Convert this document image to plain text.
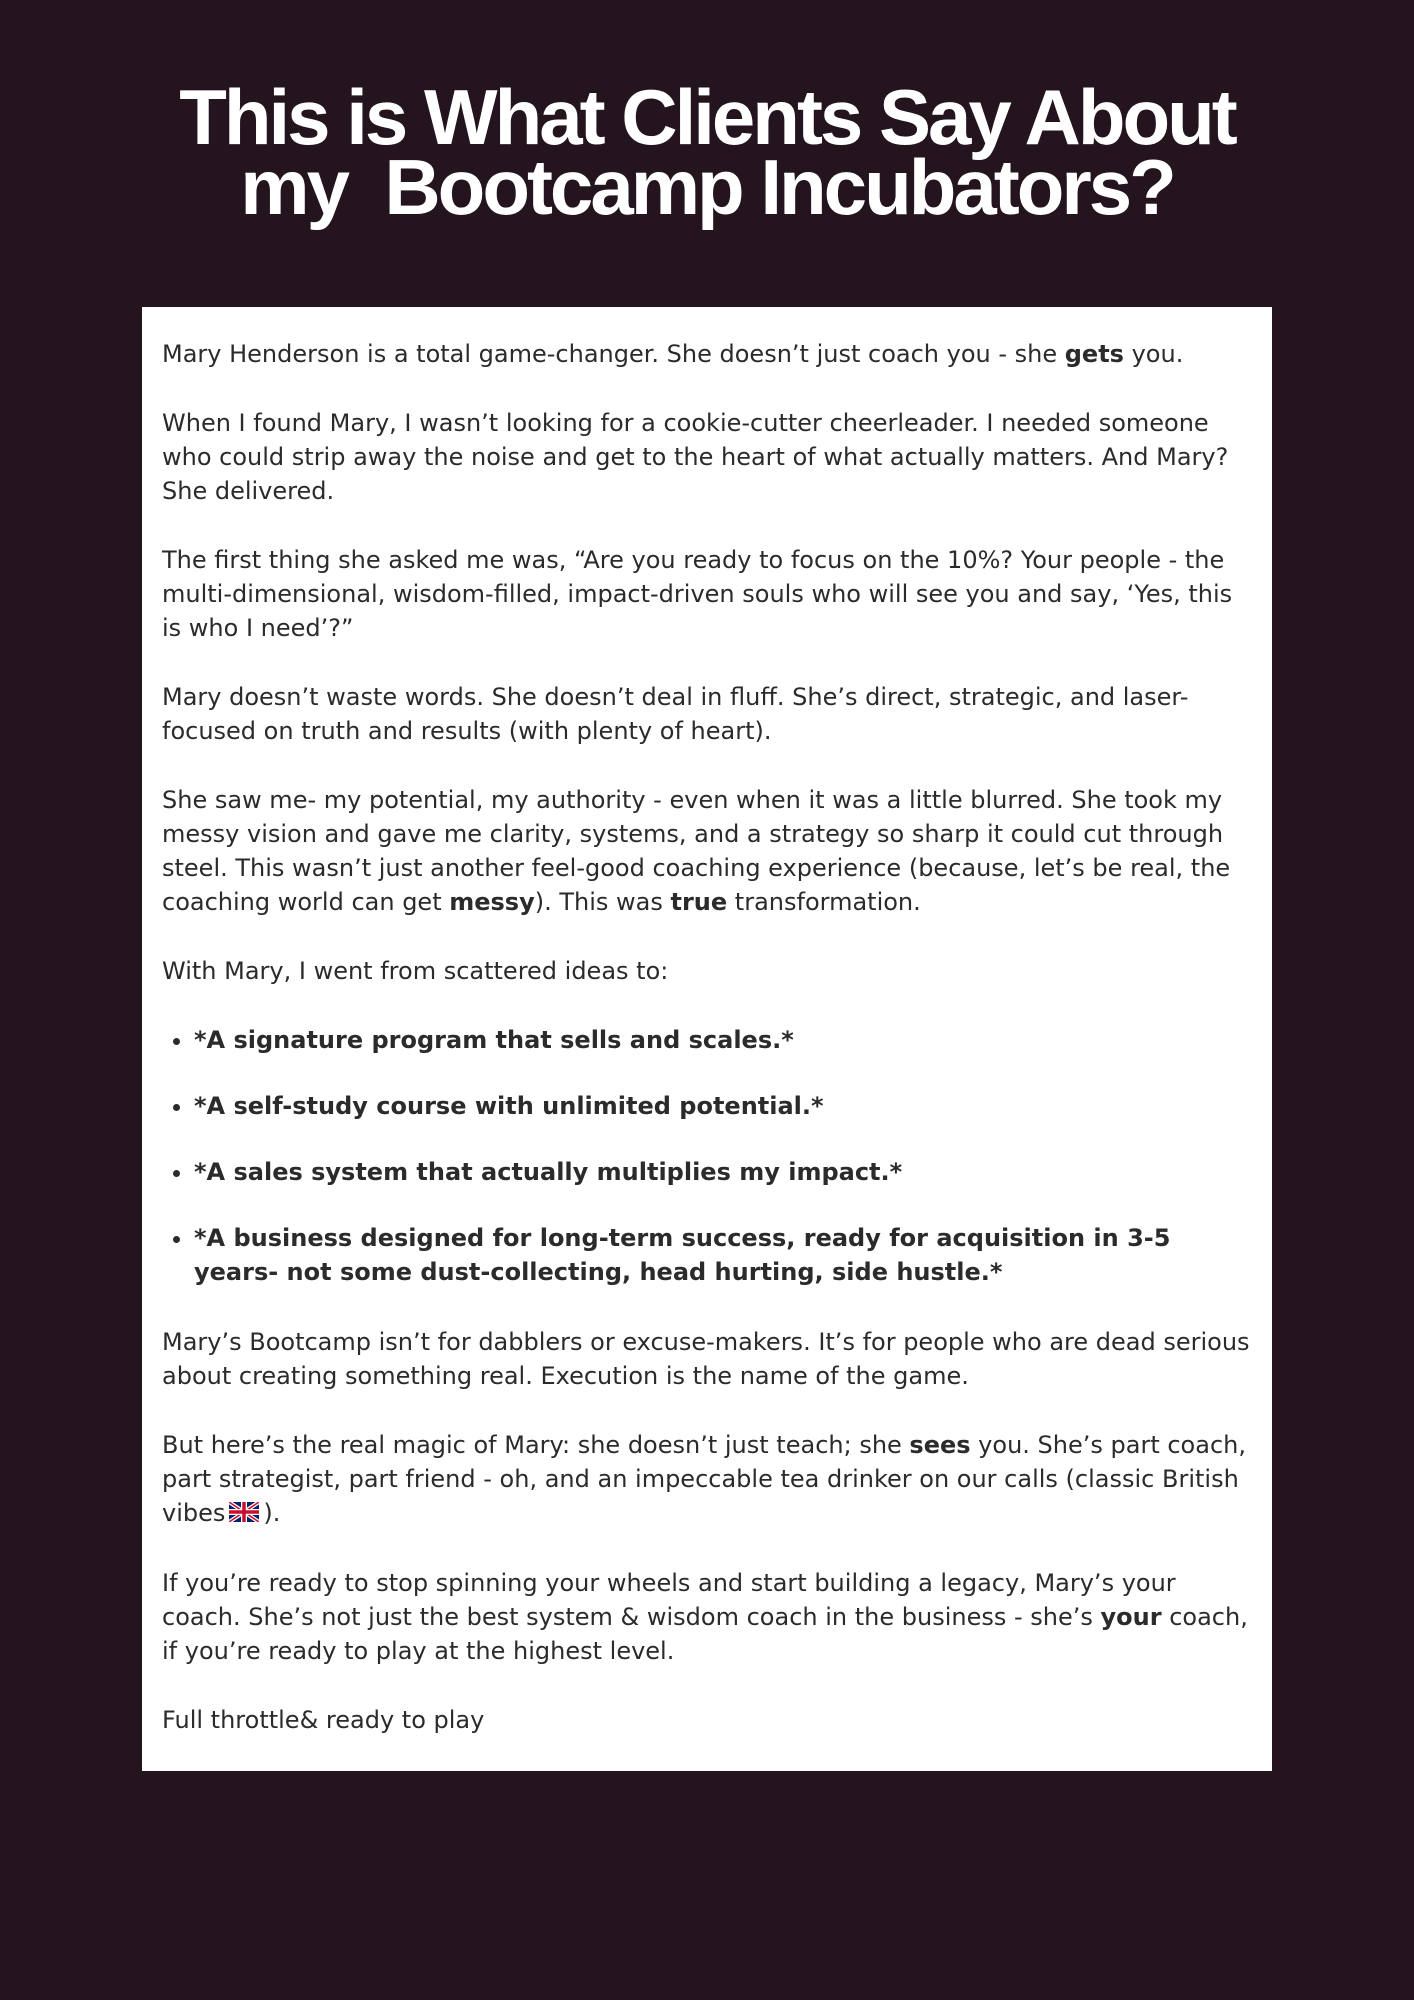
This is What Clients Say About
my  Bootcamp Incubators?

Mary Henderson is a total game-changer. She doesn’t just coach you - she gets you.

When I found Mary, I wasn’t looking for a cookie-cutter cheerleader. I needed someone who could strip away the noise and get to the heart of what actually matters. And Mary? She delivered.

The first thing she asked me was, “Are you ready to focus on the 10%? Your people - the multi-dimensional, wisdom-filled, impact-driven souls who will see you and say, ‘Yes, this is who I need’?”

Mary doesn’t waste words. She doesn’t deal in fluff. She’s direct, strategic, and laser-focused on truth and results (with plenty of heart).

She saw me- my potential, my authority - even when it was a little blurred. She took my messy vision and gave me clarity, systems, and a strategy so sharp it could cut through steel. This wasn’t just another feel-good coaching experience (because, let’s be real, the coaching world can get messy). This was true transformation.

With Mary, I went from scattered ideas to:

• *A signature program that sells and scales.*
• *A self-study course with unlimited potential.*
• *A sales system that actually multiplies my impact.*
• *A business designed for long-term success, ready for acquisition in 3-5 years- not some dust-collecting, head hurting, side hustle.*

Mary’s Bootcamp isn’t for dabblers or excuse-makers. It’s for people who are dead serious about creating something real. Execution is the name of the game.

But here’s the real magic of Mary: she doesn’t just teach; she sees you. She’s part coach, part strategist, part friend - oh, and an impeccable tea drinker on our calls (classic British vibes ).

If you’re ready to stop spinning your wheels and start building a legacy, Mary’s your coach. She’s not just the best system & wisdom coach in the business - she’s your coach, if you’re ready to play at the highest level.

Full throttle& ready to play
